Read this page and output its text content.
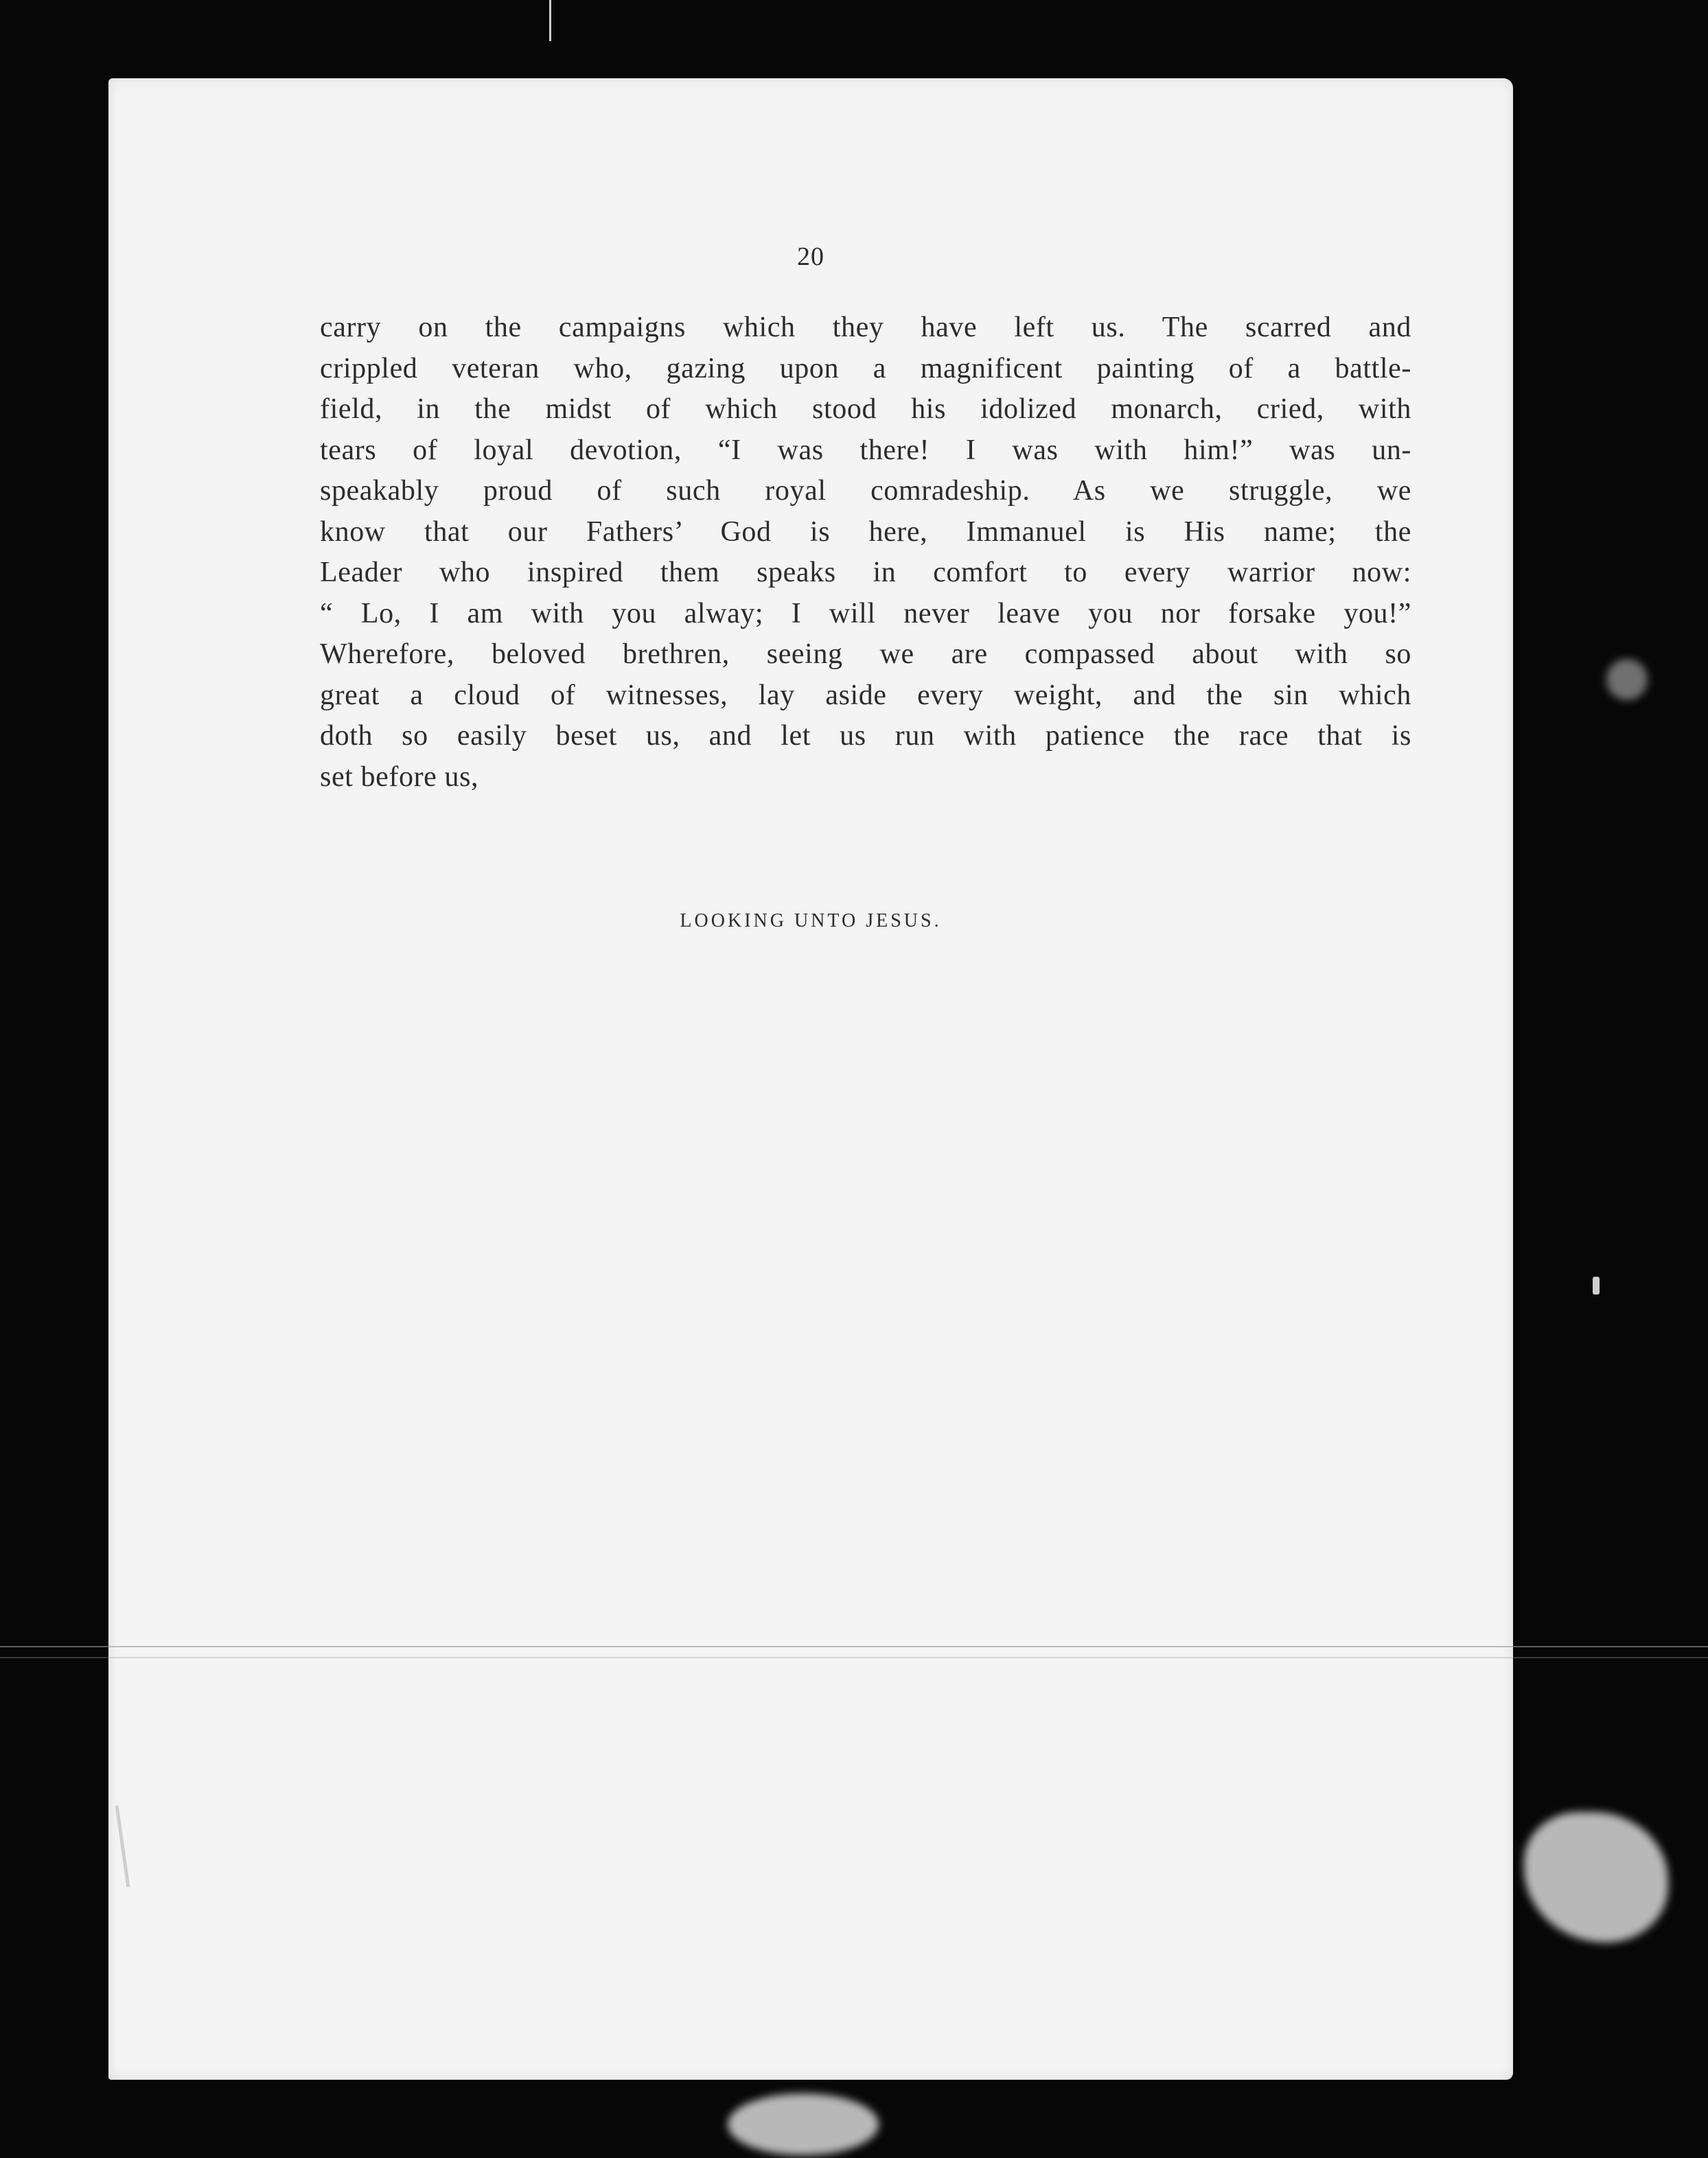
20
carry on the campaigns which they have left us. The scarred and
crippled veteran who, gazing upon a magnificent painting of a battle-
field, in the midst of which stood his idolized monarch, cried, with
tears of loyal devotion, “I was there! I was with him!” was un-
speakably proud of such royal comradeship. As we struggle, we
know that our Fathers’ God is here, Immanuel is His name; the
Leader who inspired them speaks in comfort to every warrior now:
“ Lo, I am with you alway; I will never leave you nor forsake you!”
Wherefore, beloved brethren, seeing we are compassed about with so
great a cloud of witnesses, lay aside every weight, and the sin which
doth so easily beset us, and let us run with patience the race that is
set before us,
LOOKING UNTO JESUS.
